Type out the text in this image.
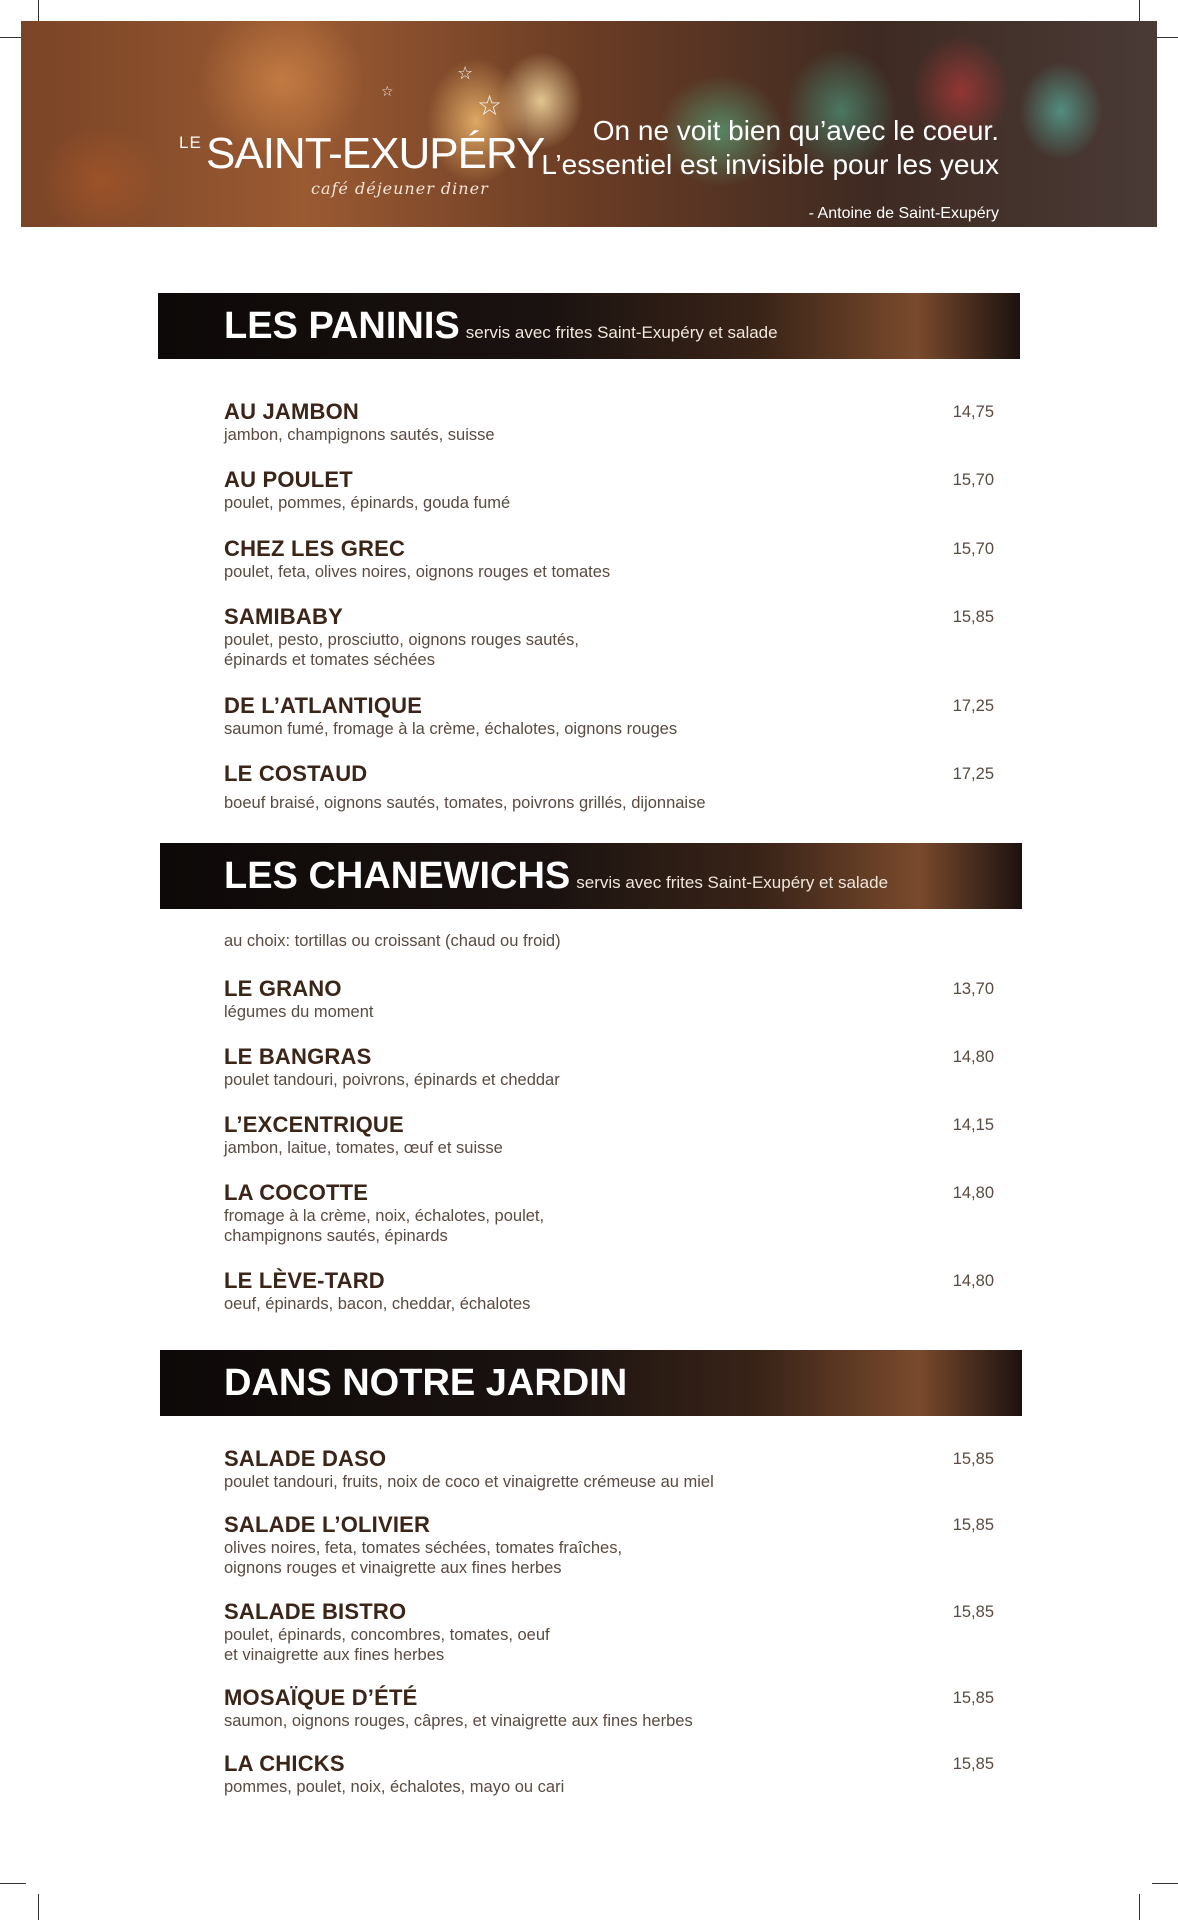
LE SAINT-EXUPÉRY
café déjeuner diner
☆
☆
☆
On ne voit bien qu’avec le coeur.
L’essentiel est invisible pour les yeux
- Antoine de Saint-Exupéry
LES PANINIS servis avec frites Saint-Exupéry et salade
AU JAMBON
jambon, champignons sautés, suisse
14,75
AU POULET
poulet, pommes, épinards, gouda fumé
15,70
CHEZ LES GREC
poulet, feta, olives noires, oignons rouges et tomates
15,70
SAMIBABY
poulet, pesto, prosciutto, oignons rouges sautés,
épinards et tomates séchées
15,85
DE L’ATLANTIQUE
saumon fumé, fromage à la crème, échalotes, oignons rouges
17,25
LE COSTAUD
boeuf braisé, oignons sautés, tomates, poivrons grillés, dijonnaise
17,25
LES CHANEWICHS servis avec frites Saint-Exupéry et salade
au choix: tortillas ou croissant (chaud ou froid)
LE GRANO
légumes du moment
13,70
LE BANGRAS
poulet tandouri, poivrons, épinards et cheddar
14,80
L’EXCENTRIQUE
jambon, laitue, tomates, œuf et suisse
14,15
LA COCOTTE
fromage à la crème, noix, échalotes, poulet,
champignons sautés, épinards
14,80
LE LÈVE-TARD
oeuf, épinards, bacon, cheddar, échalotes
14,80
DANS NOTRE JARDIN
SALADE DASO
poulet tandouri, fruits, noix de coco et vinaigrette crémeuse au miel
15,85
SALADE L’OLIVIER
olives noires, feta, tomates séchées, tomates fraîches,
oignons rouges et vinaigrette aux fines herbes
15,85
SALADE BISTRO
poulet, épinards, concombres, tomates, oeuf
et vinaigrette aux fines herbes
15,85
MOSAÏQUE D’ÉTÉ
saumon, oignons rouges, câpres, et vinaigrette aux fines herbes
15,85
LA CHICKS
pommes, poulet, noix, échalotes, mayo ou cari
15,85
